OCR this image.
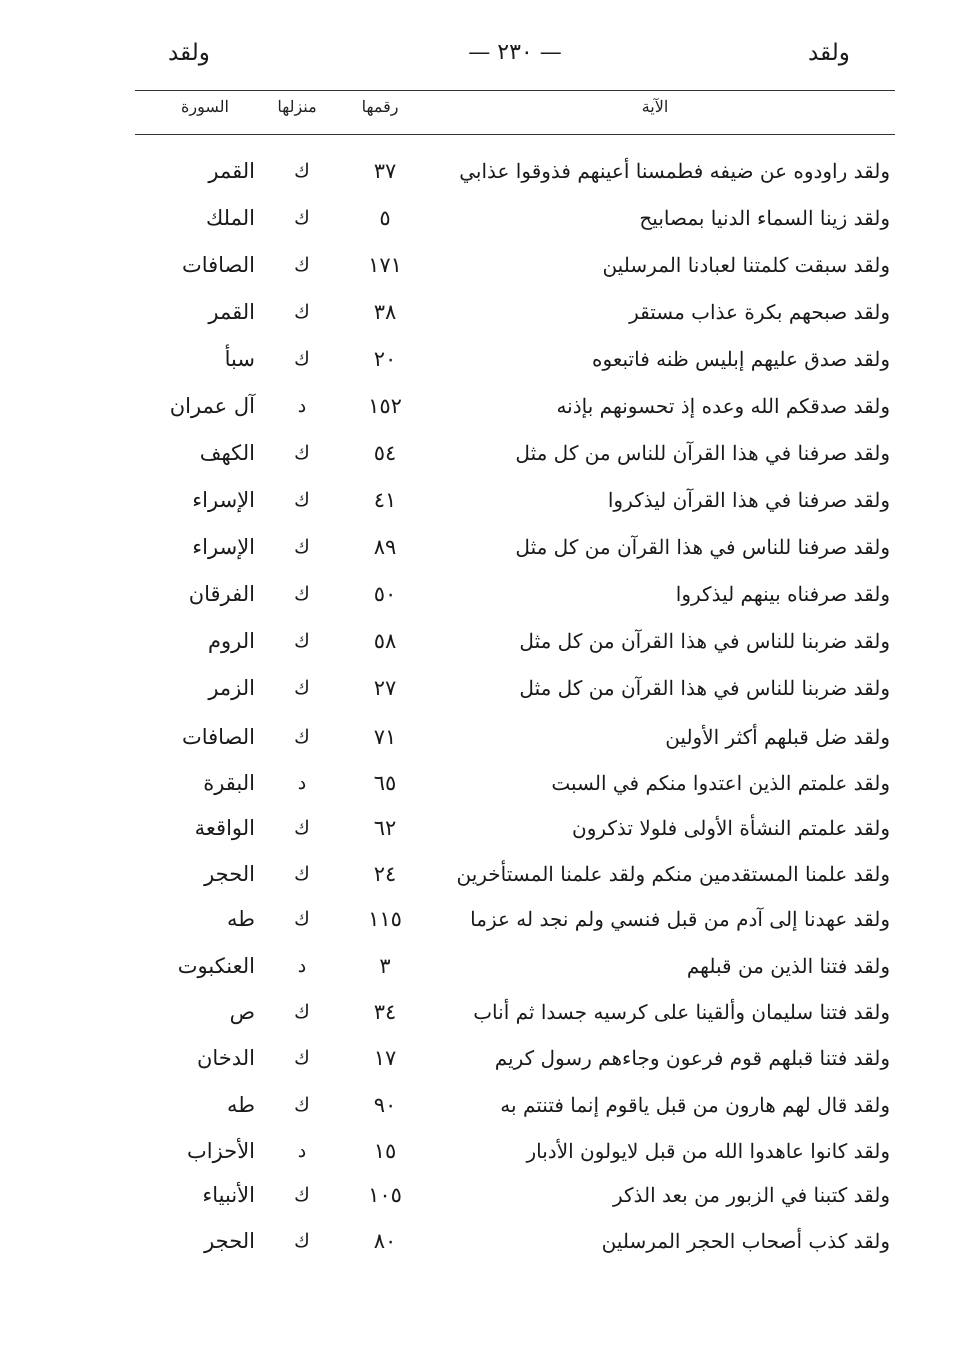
ولقد
— ٢٣٠ —
ولقد
الآية
رقمها
منزلها
السورة
ولقد راودوه عن ضيفه فطمسنا أعينهم فذوقوا عذابي
٣٧
ك
القمر
ولقد زينا السماء الدنيا بمصابيح
٥
ك
الملك
ولقد سبقت كلمتنا لعبادنا المرسلين
١٧١
ك
الصافات
ولقد صبحهم بكرة عذاب مستقر
٣٨
ك
القمر
ولقد صدق عليهم إبليس ظنه فاتبعوه
٢٠
ك
سبأ
ولقد صدقكم الله وعده إذ تحسونهم بإذنه
١٥٢
د
آل عمران
ولقد صرفنا في هذا القرآن للناس من كل مثل
٥٤
ك
الكهف
ولقد صرفنا في هذا القرآن ليذكروا
٤١
ك
الإسراء
ولقد صرفنا للناس في هذا القرآن من كل مثل
٨٩
ك
الإسراء
ولقد صرفناه بينهم ليذكروا
٥٠
ك
الفرقان
ولقد ضربنا للناس في هذا القرآن من كل مثل
٥٨
ك
الروم
ولقد ضربنا للناس في هذا القرآن من كل مثل
٢٧
ك
الزمر
ولقد ضل قبلهم أكثر الأولين
٧١
ك
الصافات
ولقد علمتم الذين اعتدوا منكم في السبت
٦٥
د
البقرة
ولقد علمتم النشأة الأولى فلولا تذكرون
٦٢
ك
الواقعة
ولقد علمنا المستقدمين منكم ولقد علمنا المستأخرين
٢٤
ك
الحجر
ولقد عهدنا إلى آدم من قبل فنسي ولم نجد له عزما
١١٥
ك
طه
ولقد فتنا الذين من قبلهم
٣
د
العنكبوت
ولقد فتنا سليمان وألقينا على كرسيه جسدا ثم أناب
٣٤
ك
ص
ولقد فتنا قبلهم قوم فرعون وجاءهم رسول كريم
١٧
ك
الدخان
ولقد قال لهم هارون من قبل ياقوم إنما فتنتم به
٩٠
ك
طه
ولقد كانوا عاهدوا الله من قبل لايولون الأدبار
١٥
د
الأحزاب
ولقد كتبنا في الزبور من بعد الذكر
١٠٥
ك
الأنبياء
ولقد كذب أصحاب الحجر المرسلين
٨٠
ك
الحجر
